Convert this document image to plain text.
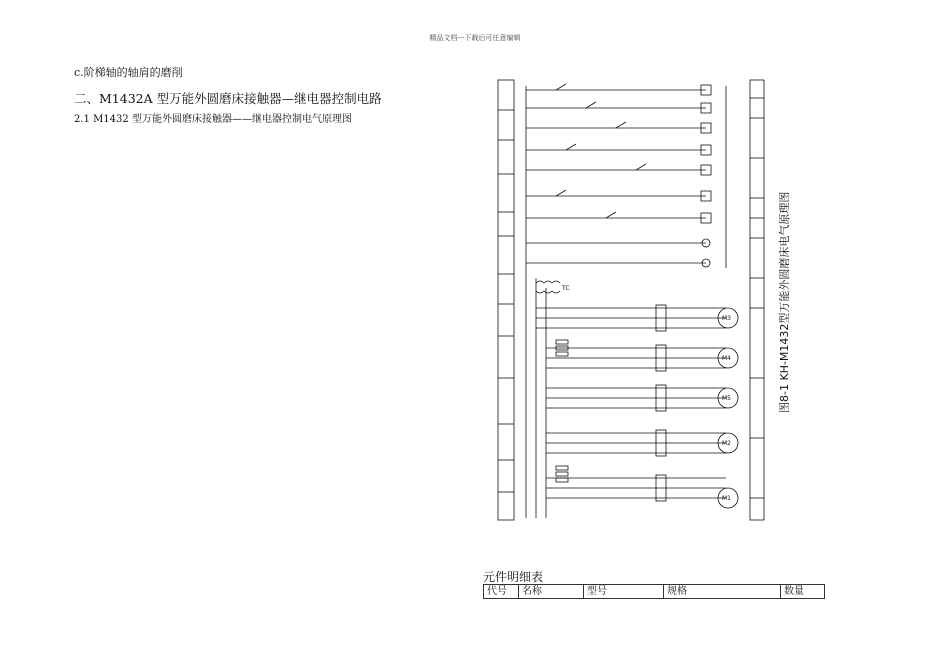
精品文档---下载后可任意编辑
c.阶梯轴的轴肩的磨削
二、M1432A 型万能外圆磨床接触器—继电器控制电路
2.1 M1432 型万能外圆磨床接触器——继电器控制电气原理图
M3
M4
M5
M2
M1
TC	图8-1 KH-M1432型万能外圆磨床电气原理图
元件明细表
代号	名称	型号	规格	数量
